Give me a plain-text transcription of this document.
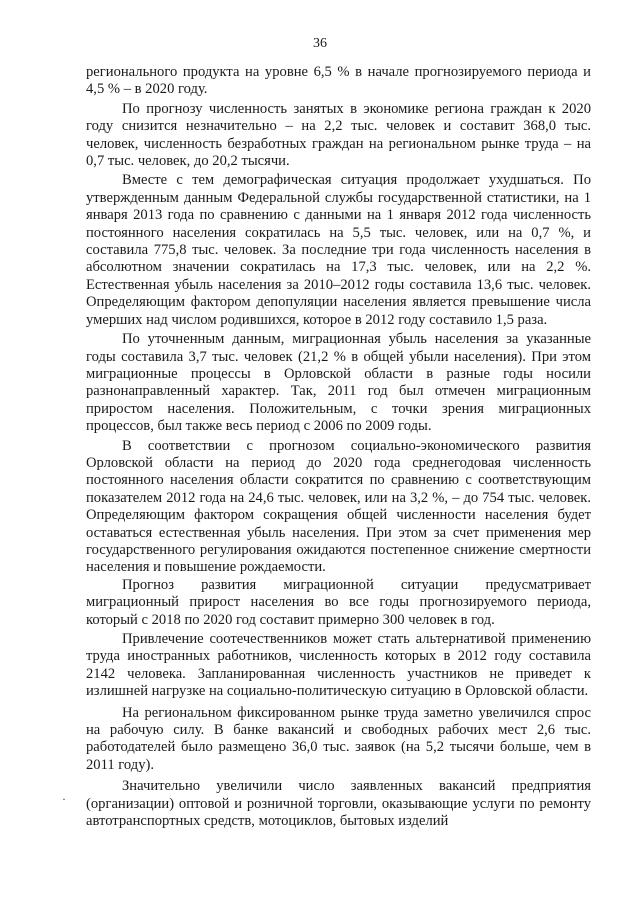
36

регионального продукта на уровне 6,5 % в начале прогнозируемого периода и 4,5 % – в 2020 году.

По прогнозу численность занятых в экономике региона граждан к 2020 году снизится незначительно – на 2,2 тыс. человек и составит 368,0 тыс. человек, численность безработных граждан на региональном рынке труда – на 0,7 тыс. человек, до 20,2 тысячи.

Вместе с тем демографическая ситуация продолжает ухудшаться. По утвержденным данным Федеральной службы государственной статистики, на 1 января 2013 года по сравнению с данными на 1 января 2012 года численность постоянного населения сократилась на 5,5 тыс. человек, или на 0,7 %, и составила 775,8 тыс. человек. За последние три года численность населения в абсолютном значении сократилась на 17,3 тыс. человек, или на 2,2 %. Естественная убыль населения за 2010–2012 годы составила 13,6 тыс. человек. Определяющим фактором депопуляции населения является превышение числа умерших над числом родившихся, которое в 2012 году составило 1,5 раза.

По уточненным данным, миграционная убыль населения за указанные годы составила 3,7 тыс. человек (21,2 % в общей убыли населения). При этом миграционные процессы в Орловской области в разные годы носили разнонаправленный характер. Так, 2011 год был отмечен миграционным приростом населения. Положительным, с точки зрения миграционных процессов, был также весь период с 2006 по 2009 годы.

В соответствии с прогнозом социально-экономического развития Орловской области на период до 2020 года среднегодовая численность постоянного населения области сократится по сравнению с соответствующим показателем 2012 года на 24,6 тыс. человек, или на 3,2 %, – до 754 тыс. человек. Определяющим фактором сокращения общей численности населения будет оставаться естественная убыль населения. При этом за счет применения мер государственного регулирования ожидаются постепенное снижение смертности населения и повышение рождаемости.

Прогноз развития миграционной ситуации предусматривает миграционный прирост населения во все годы прогнозируемого периода, который с 2018 по 2020 год составит примерно 300 человек в год.

Привлечение соотечественников может стать альтернативой применению труда иностранных работников, численность которых в 2012 году составила 2142 человека. Запланированная численность участников не приведет к излишней нагрузке на социально-политическую ситуацию в Орловской области.

На региональном фиксированном рынке труда заметно увеличился спрос на рабочую силу. В банке вакансий и свободных рабочих мест 2,6 тыс. работодателей было размещено 36,0 тыс. заявок (на 5,2 тысячи больше, чем в 2011 году).

Значительно увеличили число заявленных вакансий предприятия (организации) оптовой и розничной торговли, оказывающие услуги по ремонту автотранспортных средств, мотоциклов, бытовых изделий

·
